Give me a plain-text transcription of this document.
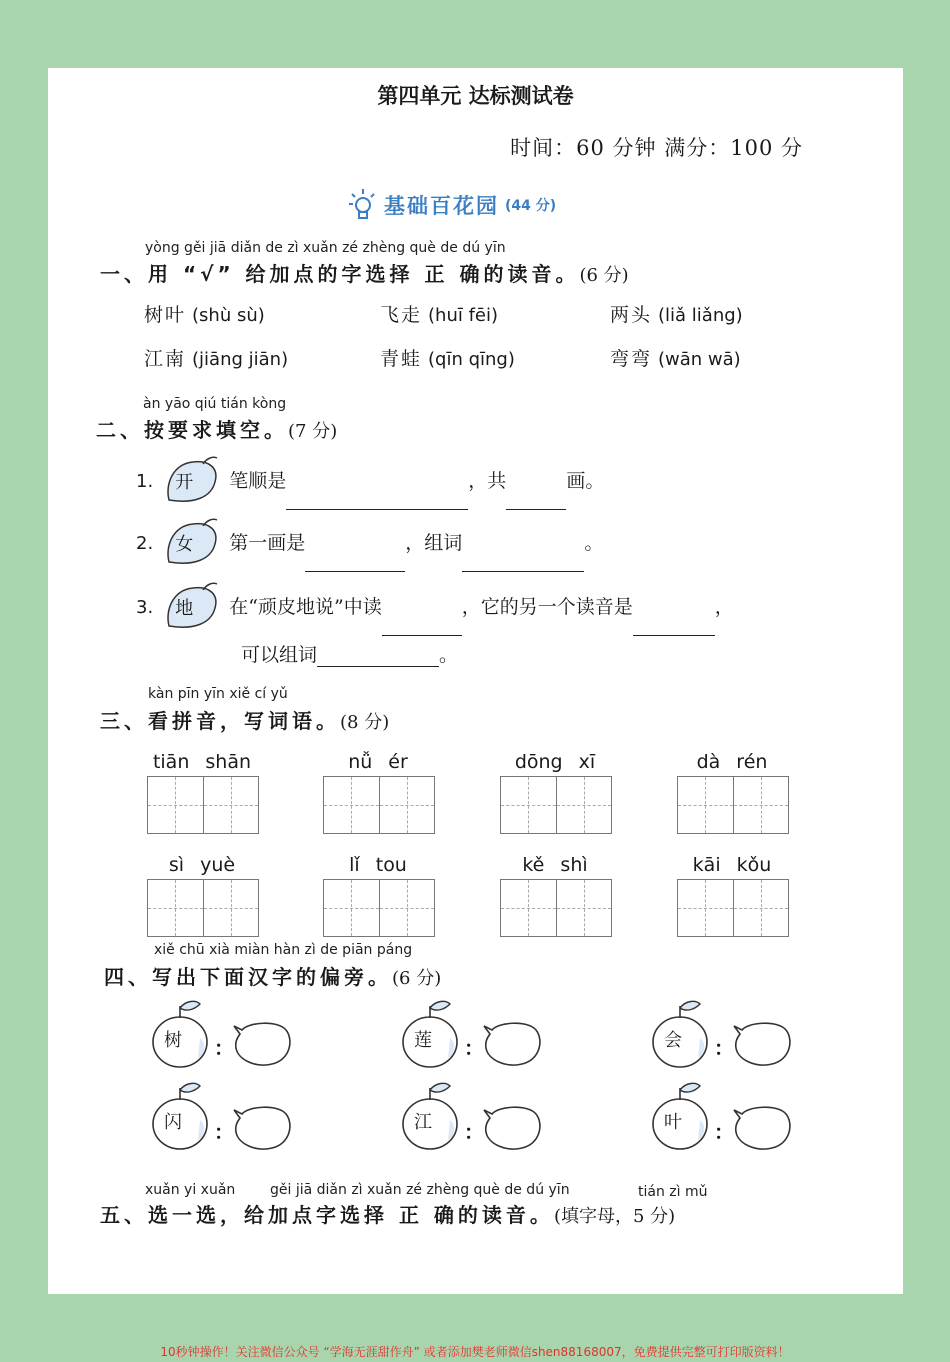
第四单元 达标测试卷
时间：60 分钟 满分：100 分
基础百花园 (44 分)
yòng gěi jiā diǎn de zì xuǎn zé zhèng què de dú yīn
一、用 “√” 给加点的字选择 正 确的读音。(6 分)
树叶 (shù sù)	飞走 (huī fēi)	两头 (liǎ liǎng)
江南 (jiāng jiān)	青蛙 (qīn qīng)	弯弯 (wān wā)
àn yāo qiú tián kòng
二、按要求填空。(7 分)
1. 开 笔顺是	，共	画。
2. 女 第一画是	，组词	。
3. 地 在“顽皮地说”中读	，它的另一个读音是	，
可以组词	。
kàn pīn yīn xiě cí yǔ
三、看拼音，写词语。(8 分)
tiān shān	nǚ ér	dōng xī	dà rén
sì yuè	lǐ tou	kě shì	kāi kǒu
xiě chū xià miàn hàn zì de piān páng
四、写出下面汉字的偏旁。(6 分)
树 ：	莲 ：	会 ：
闪 ：	江 ：	叶 ：
xuǎn yi xuǎn gěi jiā diǎn zì xuǎn zé zhèng què de dú yīn	tián zì mǔ
五、选一选，给加点字选择 正 确的读音。(填字母，5 分)
10秒钟操作！关注微信公众号 “学海无涯甜作舟” 或者添加樊老师微信shen88168007，免费提供完整可打印版资料！
